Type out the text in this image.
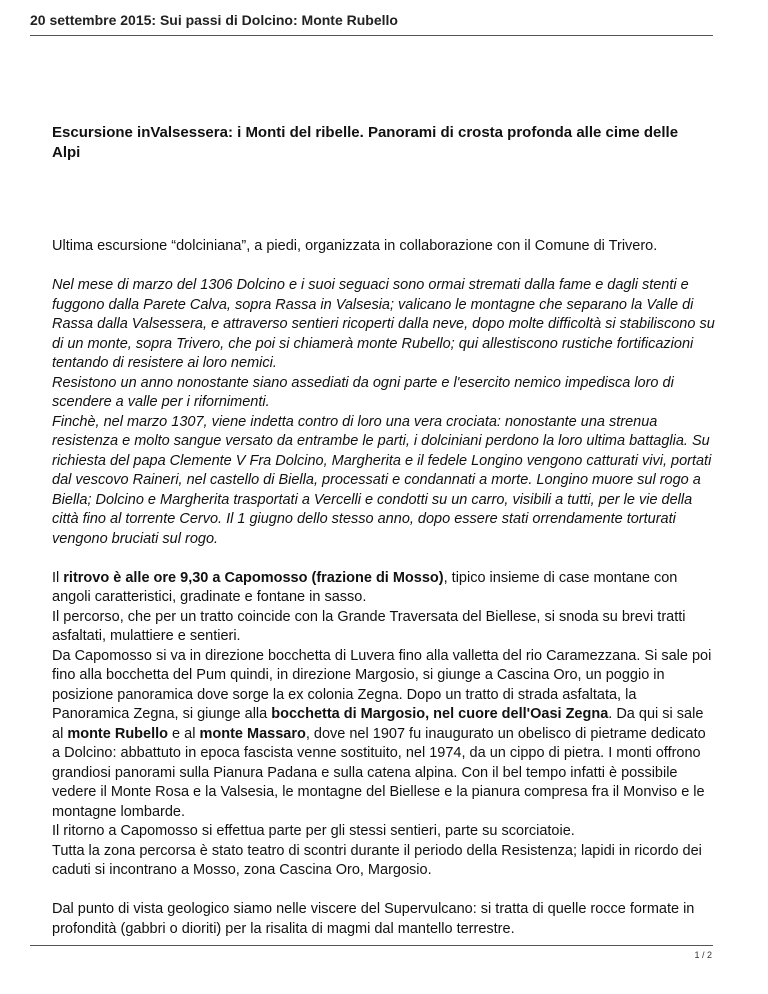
20 settembre 2015: Sui passi di Dolcino: Monte Rubello
Escursione inValsessera: i Monti del ribelle. Panorami di crosta profonda alle cime delle Alpi

Ultima escursione “dolciniana”, a piedi, organizzata in collaborazione con il Comune di Trivero.

Nel mese di marzo del 1306 Dolcino e i suoi seguaci sono ormai stremati dalla fame e dagli stenti e fuggono dalla Parete Calva, sopra Rassa in Valsesia; valicano le montagne che separano la Valle di Rassa dalla Valsessera, e attraverso sentieri ricoperti dalla neve, dopo molte difficoltà si stabiliscono su di un monte, sopra Trivero, che poi si chiamerà monte Rubello; qui allestiscono rustiche fortificazioni tentando di resistere ai loro nemici.

Resistono un anno nonostante siano assediati da ogni parte e l'esercito nemico impedisca loro di scendere a valle per i rifornimenti.

Finchè, nel marzo 1307, viene indetta contro di loro una vera crociata: nonostante una strenua resistenza e molto sangue versato da entrambe le parti, i dolciniani perdono la loro ultima battaglia. Su richiesta del papa Clemente V Fra Dolcino, Margherita e il fedele Longino vengono catturati vivi, portati dal vescovo Raineri, nel castello di Biella, processati e condannati a morte. Longino muore sul rogo a Biella; Dolcino e Margherita trasportati a Vercelli e condotti su un carro, visibili a tutti, per le vie della città fino al torrente Cervo. Il 1 giugno dello stesso anno, dopo essere stati orrendamente torturati vengono bruciati sul rogo.

Il ritrovo è alle ore 9,30 a Capomosso (frazione di Mosso), tipico insieme di case montane con angoli caratteristici, gradinate e fontane in sasso.

Il percorso, che per un tratto coincide con la Grande Traversata del Biellese, si snoda su brevi tratti asfaltati, mulattiere e sentieri.

Da Capomosso si va in direzione bocchetta di Luvera fino alla valletta del rio Caramezzana. Si sale poi fino alla bocchetta del Pum quindi, in direzione Margosio, si giunge a Cascina Oro, un poggio in posizione panoramica dove sorge la ex colonia Zegna. Dopo un tratto di strada asfaltata, la Panoramica Zegna, si giunge alla bocchetta di Margosio, nel cuore dell'Oasi Zegna. Da qui si sale al monte Rubello e al monte Massaro, dove nel 1907 fu inaugurato un obelisco di pietrame dedicato a Dolcino: abbattuto in epoca fascista venne sostituito, nel 1974, da un cippo di pietra. I monti offrono grandiosi panorami sulla Pianura Padana e sulla catena alpina. Con il bel tempo infatti è possibile vedere il Monte Rosa e la Valsesia, le montagne del Biellese e la pianura compresa fra il Monviso e le montagne lombarde.

Il ritorno a Capomosso si effettua parte per gli stessi sentieri, parte su scorciatoie.

Tutta la zona percorsa è stato teatro di scontri durante il periodo della Resistenza; lapidi in ricordo dei caduti si incontrano a Mosso, zona Cascina Oro, Margosio.

Dal punto di vista geologico siamo nelle viscere del Supervulcano: si tratta di quelle rocce formate in profondità (gabbri o dioriti) per la risalita di magmi dal mantello terrestre.

1 / 2
